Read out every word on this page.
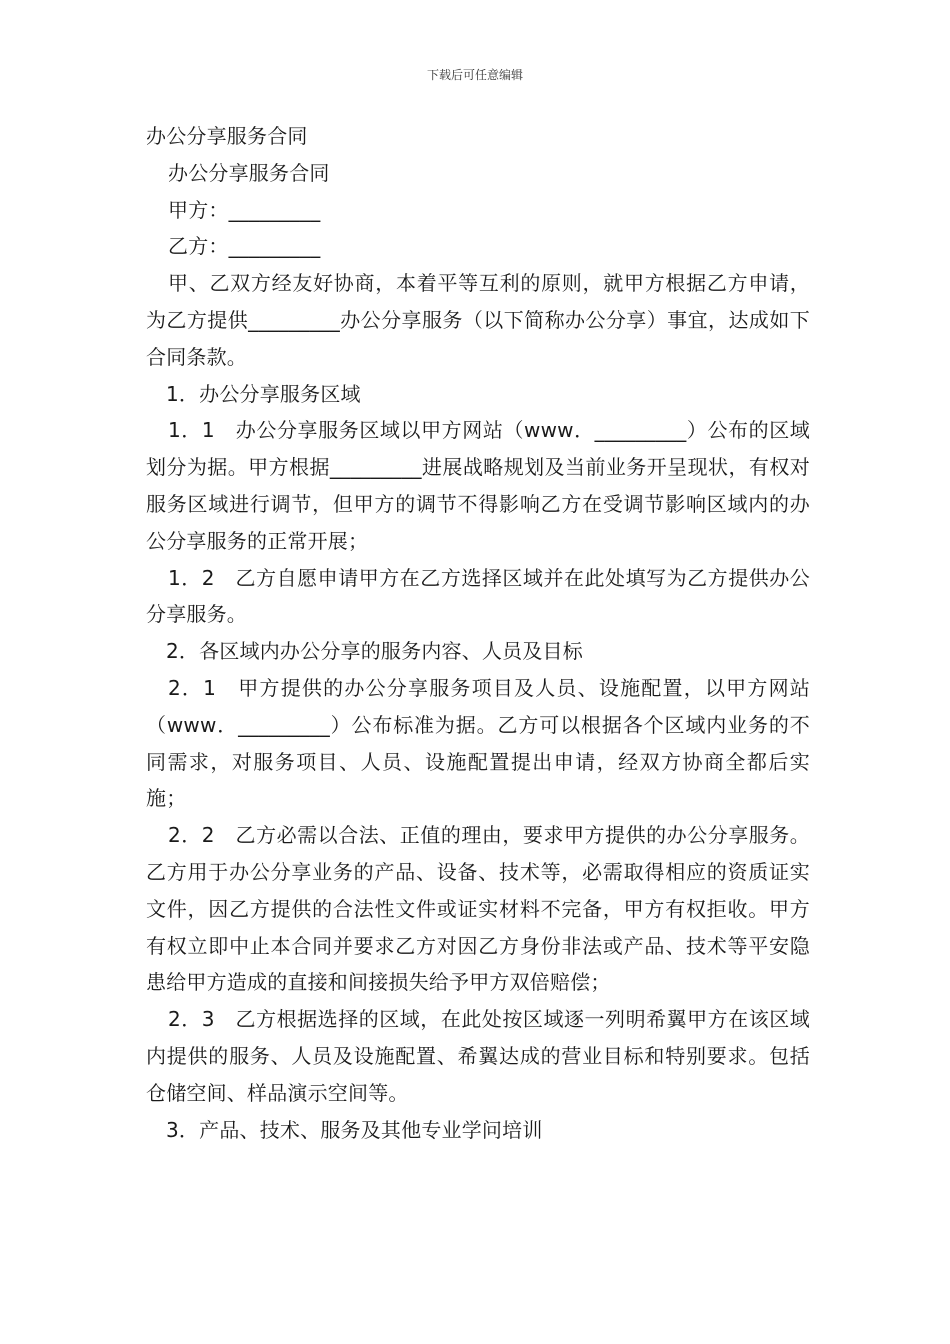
下载后可任意编辑

办公分享服务合同

办公分享服务合同

甲方：_________

乙方：_________

甲、乙双方经友好协商，本着平等互利的原则，就甲方根据乙方申请，为乙方提供_________办公分享服务（以下简称办公分享）事宜，达成如下合同条款。

1．办公分享服务区域

1．1　办公分享服务区域以甲方网站（www．_________）公布的区域划分为据。甲方根据_________进展战略规划及当前业务开呈现状，有权对服务区域进行调节，但甲方的调节不得影响乙方在受调节影响区域内的办公分享服务的正常开展；

1．2　乙方自愿申请甲方在乙方选择区域并在此处填写为乙方提供办公分享服务。

2．各区域内办公分享的服务内容、人员及目标

2．1　甲方提供的办公分享服务项目及人员、设施配置，以甲方网站（www．_________）公布标准为据。乙方可以根据各个区域内业务的不同需求，对服务项目、人员、设施配置提出申请，经双方协商全都后实施；

2．2　乙方必需以合法、正值的理由，要求甲方提供的办公分享服务。乙方用于办公分享业务的产品、设备、技术等，必需取得相应的资质证实文件，因乙方提供的合法性文件或证实材料不完备，甲方有权拒收。甲方有权立即中止本合同并要求乙方对因乙方身份非法或产品、技术等平安隐患给甲方造成的直接和间接损失给予甲方双倍赔偿；

2．3　乙方根据选择的区域，在此处按区域逐一列明希翼甲方在该区域内提供的服务、人员及设施配置、希翼达成的营业目标和特别要求。包括仓储空间、样品演示空间等。

3．产品、技术、服务及其他专业学问培训
